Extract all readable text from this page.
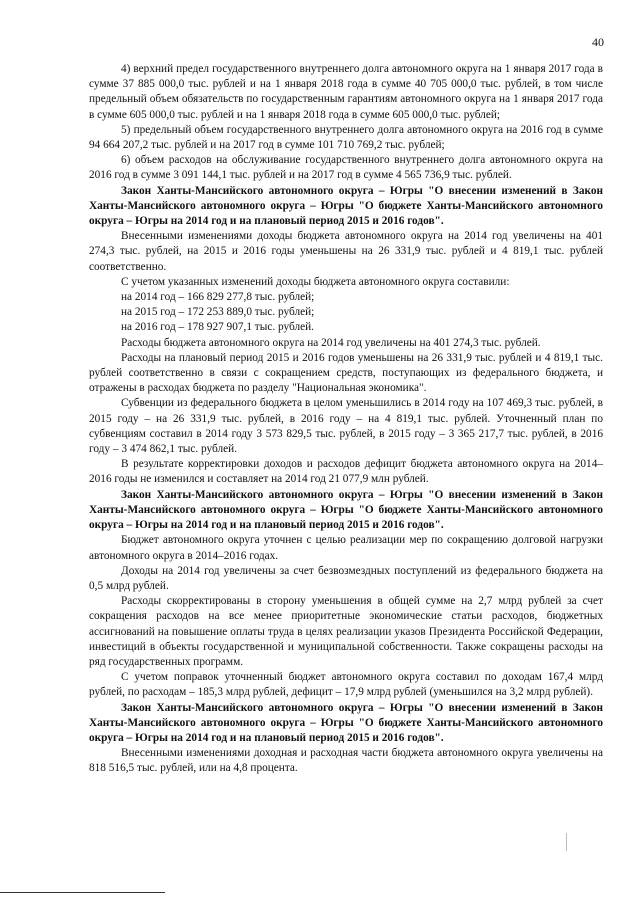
40

4) верхний предел государственного внутреннего долга автономного округа на 1 января 2017 года в сумме 37 885 000,0 тыс. рублей и на 1 января 2018 года в сумме 40 705 000,0 тыс. рублей, в том числе предельный объем обязательств по государственным гарантиям автономного округа на 1 января 2017 года в сумме 605 000,0 тыс. рублей и на 1 января 2018 года в сумме 605 000,0 тыс. рублей;

5) предельный объем государственного внутреннего долга автономного округа на 2016 год в сумме 94 664 207,2 тыс. рублей и на 2017 год в сумме 101 710 769,2 тыс. рублей;

6) объем расходов на обслуживание государственного внутреннего долга автономного округа на 2016 год в сумме 3 091 144,1 тыс. рублей и на 2017 год в сумме 4 565 736,9 тыс. рублей.

Закон Ханты-Мансийского автономного округа – Югры "О внесении изменений в Закон Ханты-Мансийского автономного округа – Югры "О бюджете Ханты-Мансийского автономного округа – Югры на 2014 год и на плановый период 2015 и 2016 годов".

Внесенными изменениями доходы бюджета автономного округа на 2014 год увеличены на 401 274,3 тыс. рублей, на 2015 и 2016 годы уменьшены на 26 331,9 тыс. рублей и 4 819,1 тыс. рублей соответственно.

С учетом указанных изменений доходы бюджета автономного округа составили:

на 2014 год – 166 829 277,8 тыс. рублей;

на 2015 год – 172 253 889,0 тыс. рублей;

на 2016 год – 178 927 907,1 тыс. рублей.

Расходы бюджета автономного округа на 2014 год увеличены на 401 274,3 тыс. рублей.

Расходы на плановый период 2015 и 2016 годов уменьшены на 26 331,9 тыс. рублей и 4 819,1 тыс. рублей соответственно в связи с сокращением средств, поступающих из федерального бюджета, и отражены в расходах бюджета по разделу "Национальная экономика".

Субвенции из федерального бюджета в целом уменьшились в 2014 году на 107 469,3 тыс. рублей, в 2015 году – на 26 331,9 тыс. рублей, в 2016 году – на 4 819,1 тыс. рублей. Уточненный план по субвенциям составил в 2014 году 3 573 829,5 тыс. рублей, в 2015 году – 3 365 217,7 тыс. рублей, в 2016 году – 3 474 862,1 тыс. рублей.

В результате корректировки доходов и расходов дефицит бюджета автономного округа на 2014–2016 годы не изменился и составляет на 2014 год 21 077,9 млн рублей.

Закон Ханты-Мансийского автономного округа – Югры "О внесении изменений в Закон Ханты-Мансийского автономного округа – Югры "О бюджете Ханты-Мансийского автономного округа – Югры на 2014 год и на плановый период 2015 и 2016 годов".

Бюджет автономного округа уточнен с целью реализации мер по сокращению долговой нагрузки автономного округа в 2014–2016 годах.

Доходы на 2014 год увеличены за счет безвозмездных поступлений из федерального бюджета на 0,5 млрд рублей.

Расходы скорректированы в сторону уменьшения в общей сумме на 2,7 млрд рублей за счет сокращения расходов на все менее приоритетные экономические статьи расходов, бюджетных ассигнований на повышение оплаты труда в целях реализации указов Президента Российской Федерации, инвестиций в объекты государственной и муниципальной собственности. Также сокращены расходы на ряд государственных программ.

С учетом поправок уточненный бюджет автономного округа составил по доходам 167,4 млрд рублей, по расходам – 185,3 млрд рублей, дефицит – 17,9 млрд рублей (уменьшился на 3,2 млрд рублей).

Закон Ханты-Мансийского автономного округа – Югры "О внесении изменений в Закон Ханты-Мансийского автономного округа – Югры "О бюджете Ханты-Мансийского автономного округа – Югры на 2014 год и на плановый период 2015 и 2016 годов".

Внесенными изменениями доходная и расходная части бюджета автономного округа увеличены на 818 516,5 тыс. рублей, или на 4,8 процента.
